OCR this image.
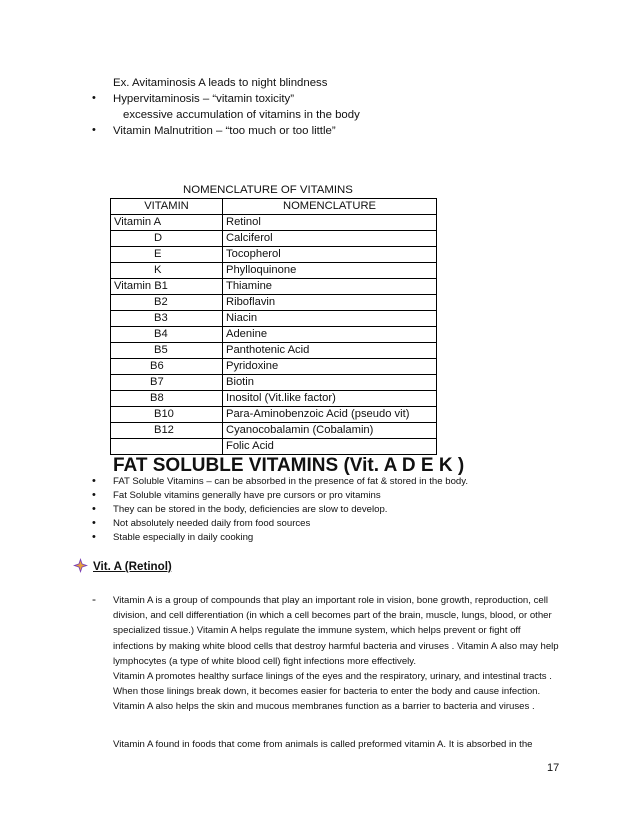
Ex. Avitaminosis A leads to night blindness
• Hypervitaminosis – “vitamin toxicity”
excessive accumulation of vitamins in the body
• Vitamin Malnutrition – “too much or too little”
NOMENCLATURE OF VITAMINS
VITAMIN	NOMENCLATURE
Vitamin A	Retinol
D	Calciferol
E	Tocopherol
K	Phylloquinone
Vitamin B1	Thiamine
B2	Riboflavin
B3	Niacin
B4	Adenine
B5	Panthotenic Acid
B6	Pyridoxine
B7	Biotin
B8	Inositol (Vit.like factor)
B10	Para-Aminobenzoic Acid (pseudo vit)
B12	Cyanocobalamin (Cobalamin)
	Folic Acid
FAT SOLUBLE VITAMINS (Vit. A D E K )
• FAT Soluble Vitamins – can be absorbed in the presence of fat & stored in the body.
• Fat Soluble vitamins generally have pre cursors or pro vitamins
• They can be stored in the body, deficiencies are slow to develop.
• Not absolutely needed daily from food sources
• Stable especially in daily cooking
Vit. A (Retinol)
- Vitamin A is a group of compounds that play an important role in vision, bone growth, reproduction, cell division, and cell differentiation (in which a cell becomes part of the brain, muscle, lungs, blood, or other specialized tissue.) Vitamin A helps regulate the immune system, which helps prevent or fight off infections by making white blood cells that destroy harmful bacteria and viruses . Vitamin A also may help lymphocytes (a type of white blood cell) fight infections more effectively.
Vitamin A promotes healthy surface linings of the eyes and the respiratory, urinary, and intestinal tracts . When those linings break down, it becomes easier for bacteria to enter the body and cause infection. Vitamin A also helps the skin and mucous membranes function as a barrier to bacteria and viruses .
Vitamin A found in foods that come from animals is called preformed vitamin A. It is absorbed in the
17
